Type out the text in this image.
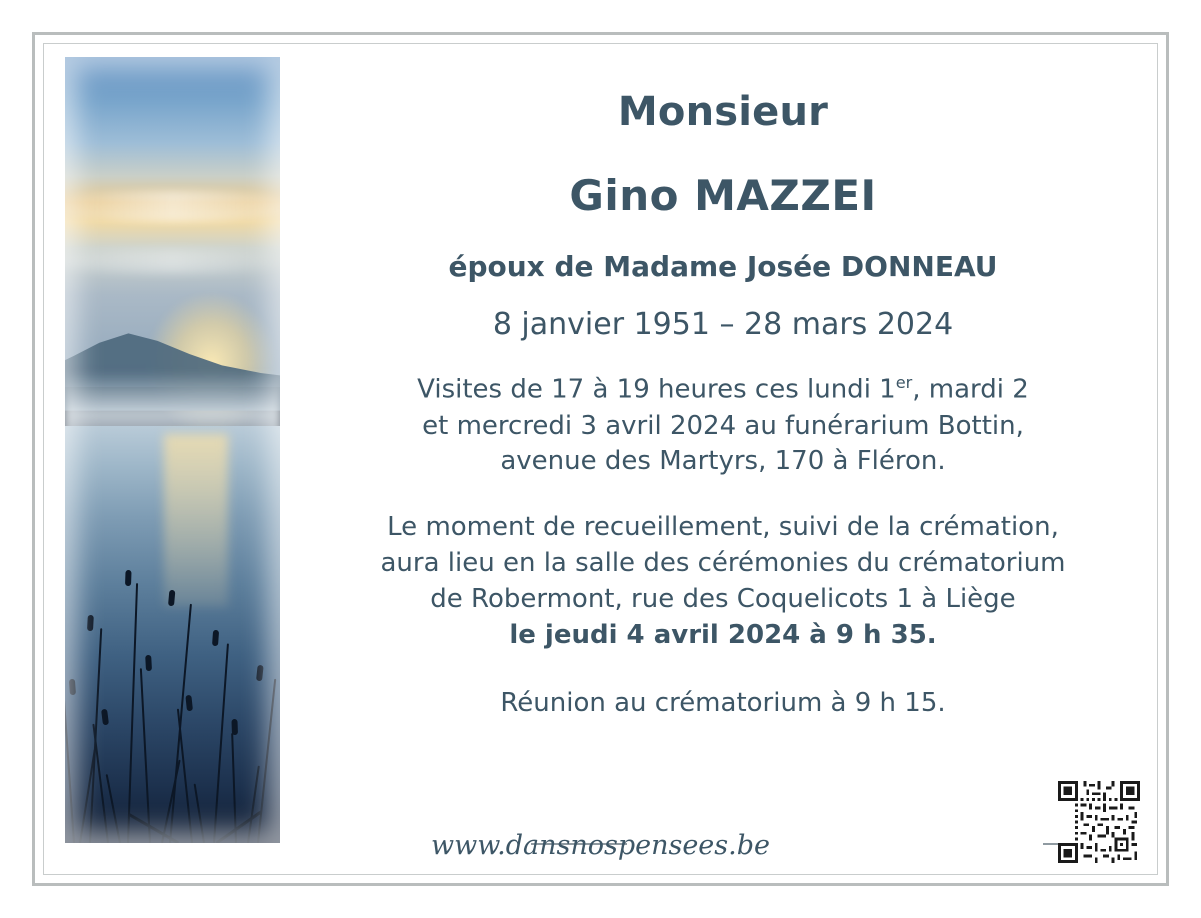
Monsieur
Gino MAZZEI
époux de Madame Josée DONNEAU
8 janvier 1951 – 28 mars 2024
Visites de 17 à 19 heures ces lundi 1er, mardi 2
et mercredi 3 avril 2024 au funérarium Bottin,
avenue des Martyrs, 170 à Fléron.
Le moment de recueillement, suivi de la crémation,
aura lieu en la salle des cérémonies du crématorium
de Robermont, rue des Coquelicots 1 à Liège
le jeudi 4 avril 2024 à 9 h 35.
Réunion au crématorium à 9 h 15.
www.dansnospensees.be
